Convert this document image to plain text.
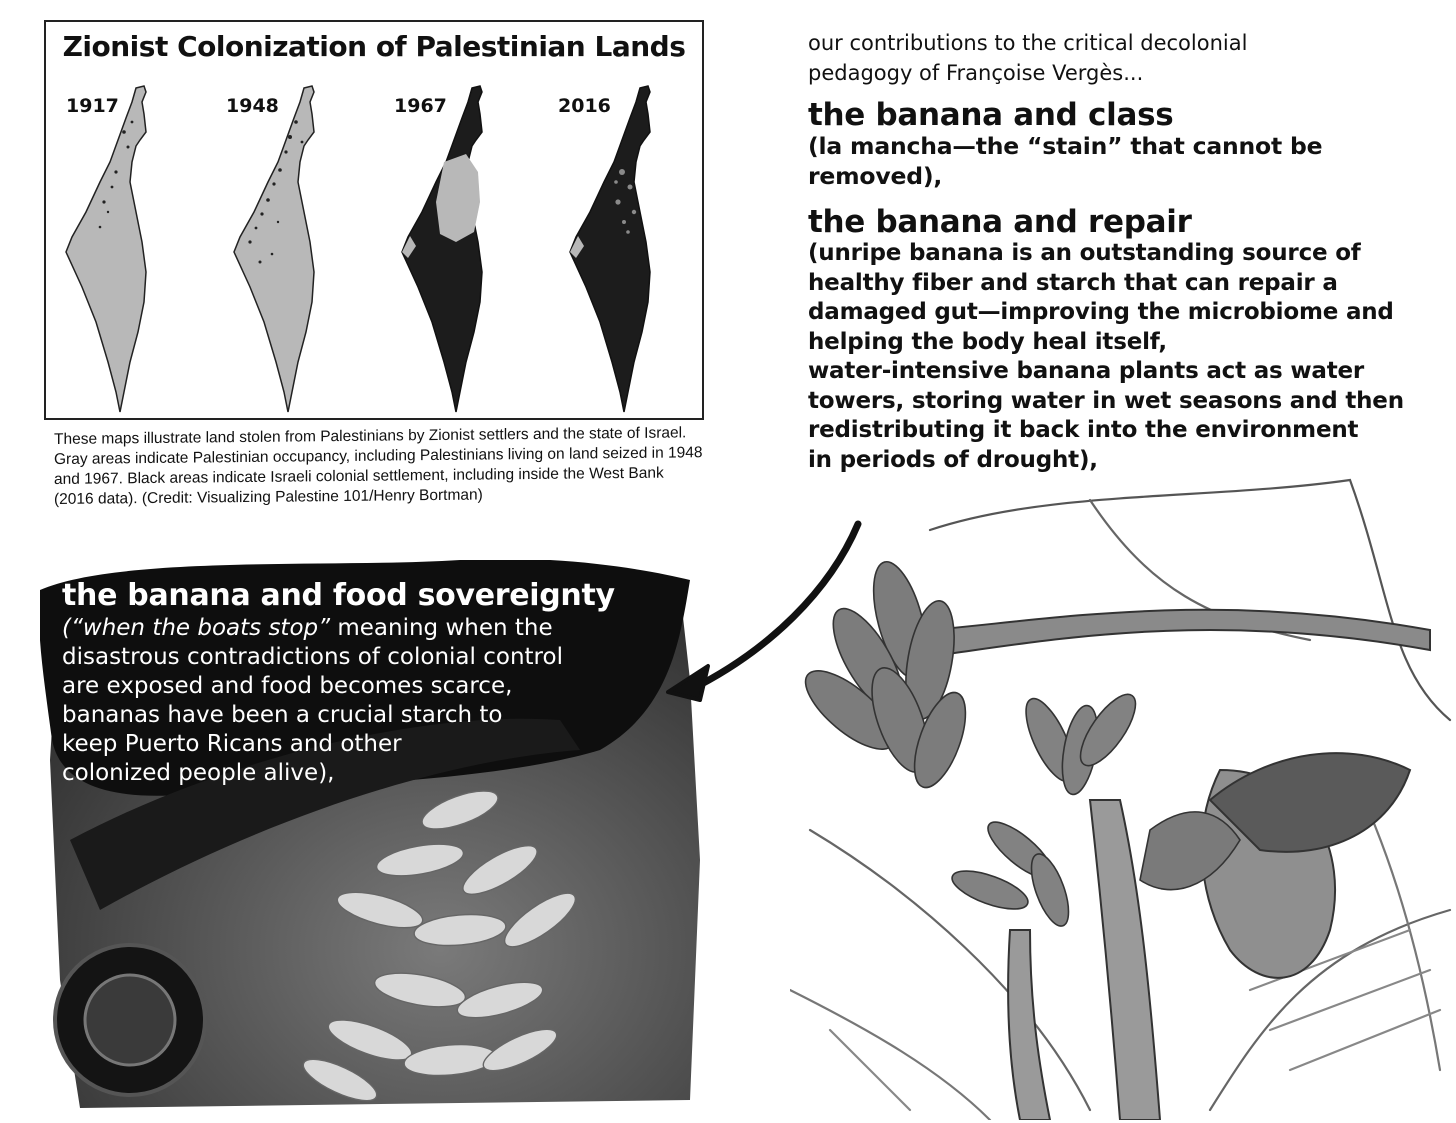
Zionist Colonization of Palestinian Lands
1917	1948	1967	2016
These maps illustrate land stolen from Palestinians by Zionist settlers and the state of Israel. Gray areas indicate Palestinian occupancy, including Palestinians living on land seized in 1948 and 1967. Black areas indicate Israeli colonial settlement, including inside the West Bank (2016 data). (Credit: Visualizing Palestine 101/Henry Bortman)
our contributions to the critical decolonial
pedagogy of Françoise Vergès...
the banana and class

(la mancha—the “stain” that cannot be removed),

the banana and repair

(unripe banana is an outstanding source of

healthy fiber and starch that can repair a

damaged gut—improving the microbiome and

helping the body heal itself,

water-intensive banana plants act as water

towers, storing water in wet seasons and then

redistributing it back into the environment

in periods of drought),

the banana and food sovereignty

(“when the boats stop” meaning when the

disastrous contradictions of colonial control

are exposed and food becomes scarce,

bananas have been a crucial starch to

keep Puerto Ricans and other

colonized people alive),
